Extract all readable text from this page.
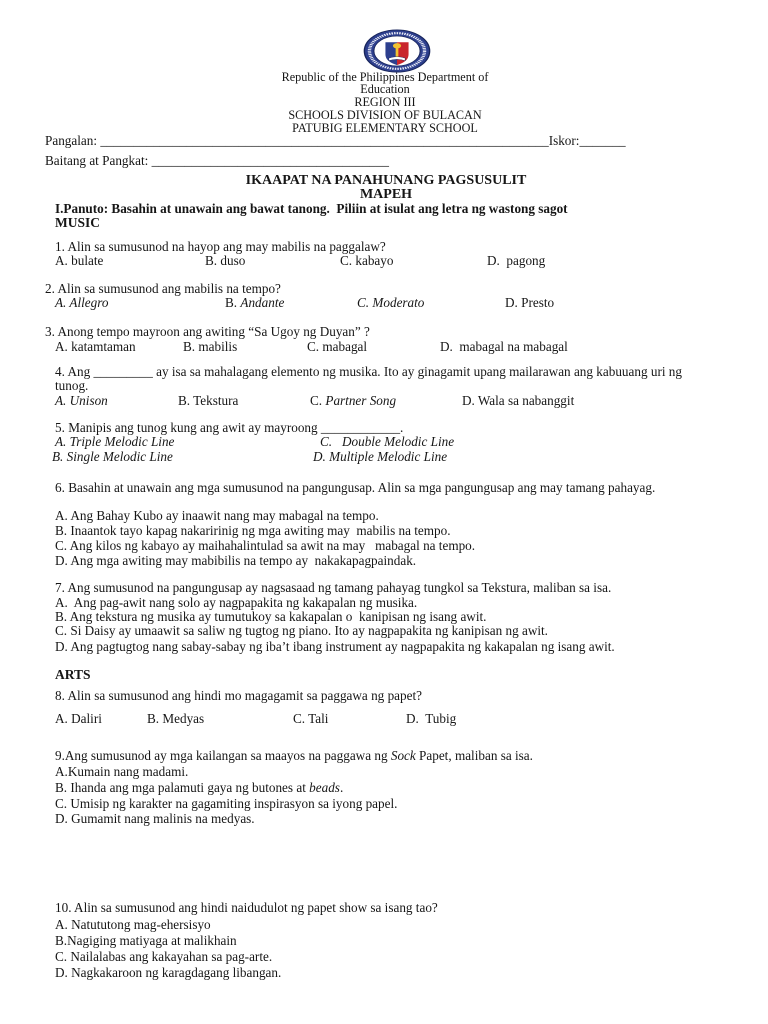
Republic of the Philippines Department of
Education
REGION III
SCHOOLS DIVISION OF BULACAN
PATUBIG ELEMENTARY SCHOOL
Pangalan: ____________________________________________________________________Iskor:_______
Baitang at Pangkat: ____________________________________
IKAAPAT NA PANAHUNANG PAGSUSULIT
MAPEH
I.Panuto: Basahin at unawain ang bawat tanong.  Piliin at isulat ang letra ng wastong sagot
MUSIC
1. Alin sa sumusunod na hayop ang may mabilis na paggalaw?
A. bulate	B. duso	C. kabayo	D. pagong
2. Alin sa sumusunod ang mabilis na tempo?
A. Allegro	B. Andante	C. Moderato	D. Presto
3. Anong tempo mayroon ang awiting “Sa Ugoy ng Duyan” ?
A. katamtaman	B. mabilis	C. mabagal	D. mabagal na mabagal
4. Ang _________ ay isa sa mahalagang elemento ng musika. Ito ay ginagamit upang mailarawan ang kabuuang uri ng
tunog.
A. Unison	B. Tekstura	C. Partner Song	D. Wala sa nabanggit
5. Manipis ang tunog kung ang awit ay mayroong ____________.
A. Triple Melodic Line	C. Double Melodic Line
B. Single Melodic Line	D. Multiple Melodic Line
6. Basahin at unawain ang mga sumusunod na pangungusap. Alin sa mga pangungusap ang may tamang pahayag.
A. Ang Bahay Kubo ay inaawit nang may mabagal na tempo.
B. Inaantok tayo kapag nakaririnig ng mga awiting may  mabilis na tempo.
C. Ang kilos ng kabayo ay maihahalintulad sa awit na may   mabagal na tempo.
D. Ang mga awiting may mabibilis na tempo ay  nakakapagpaindak.
7. Ang sumusunod na pangungusap ay nagsasaad ng tamang pahayag tungkol sa Tekstura, maliban sa isa.
A.  Ang pag-awit nang solo ay nagpapakita ng kakapalan ng musika.
B. Ang tekstura ng musika ay tumutukoy sa kakapalan o  kanipisan ng isang awit.
C. Si Daisy ay umaawit sa saliw ng tugtog ng piano. Ito ay nagpapakita ng kanipisan ng awit.
D. Ang pagtugtog nang sabay-sabay ng iba’t ibang instrument ay nagpapakita ng kakapalan ng isang awit.
ARTS
8. Alin sa sumusunod ang hindi mo magagamit sa paggawa ng papet?
A. Daliri	B. Medyas	C. Tali	D. Tubig
9.Ang sumusunod ay mga kailangan sa maayos na paggawa ng Sock Papet, maliban sa isa.
A.Kumain nang madami.
B. Ihanda ang mga palamuti gaya ng butones at beads.
C. Umisip ng karakter na gagamiting inspirasyon sa iyong papel.
D. Gumamit nang malinis na medyas.
10. Alin sa sumusunod ang hindi naidudulot ng papet show sa isang tao?
A. Natututong mag-ehersisyo
B.Nagiging matiyaga at malikhain
C. Nailalabas ang kakayahan sa pag-arte.
D. Nagkakaroon ng karagdagang libangan.
